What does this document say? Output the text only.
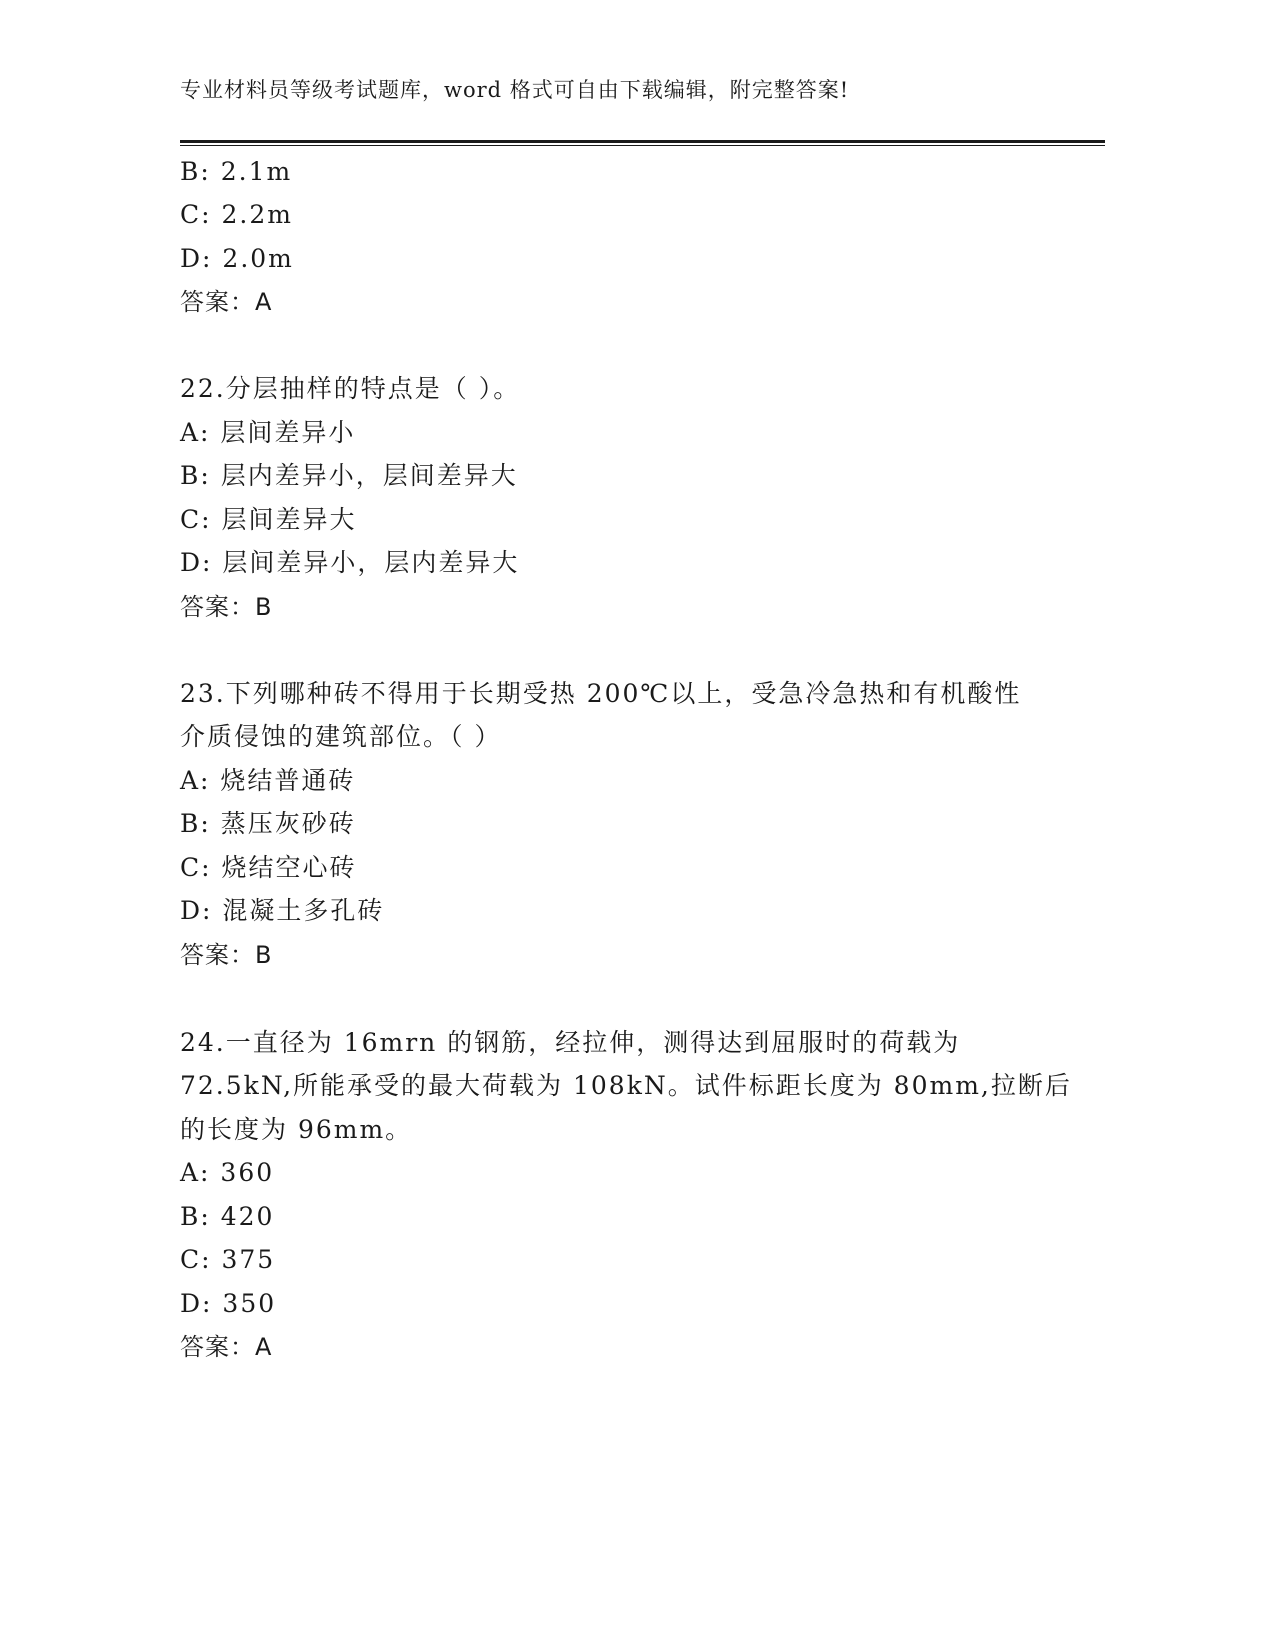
专业材料员等级考试题库，word 格式可自由下载编辑，附完整答案!
B: 2.1m
C: 2.2m
D: 2.0m
答案：A
22.分层抽样的特点是（ ）。
A: 层间差异小
B: 层内差异小，层间差异大
C: 层间差异大
D: 层间差异小，层内差异大
答案：B
23.下列哪种砖不得用于长期受热 200℃以上，受急冷急热和有机酸性
介质侵蚀的建筑部位。（ ）
A: 烧结普通砖
B: 蒸压灰砂砖
C: 烧结空心砖
D: 混凝土多孔砖
答案：B
24.一直径为 16mrn 的钢筋，经拉伸，测得达到屈服时的荷载为
72.5kN,所能承受的最大荷载为 108kN。试件标距长度为 80mm,拉断后
的长度为 96mm。
A: 360
B: 420
C: 375
D: 350
答案：A
